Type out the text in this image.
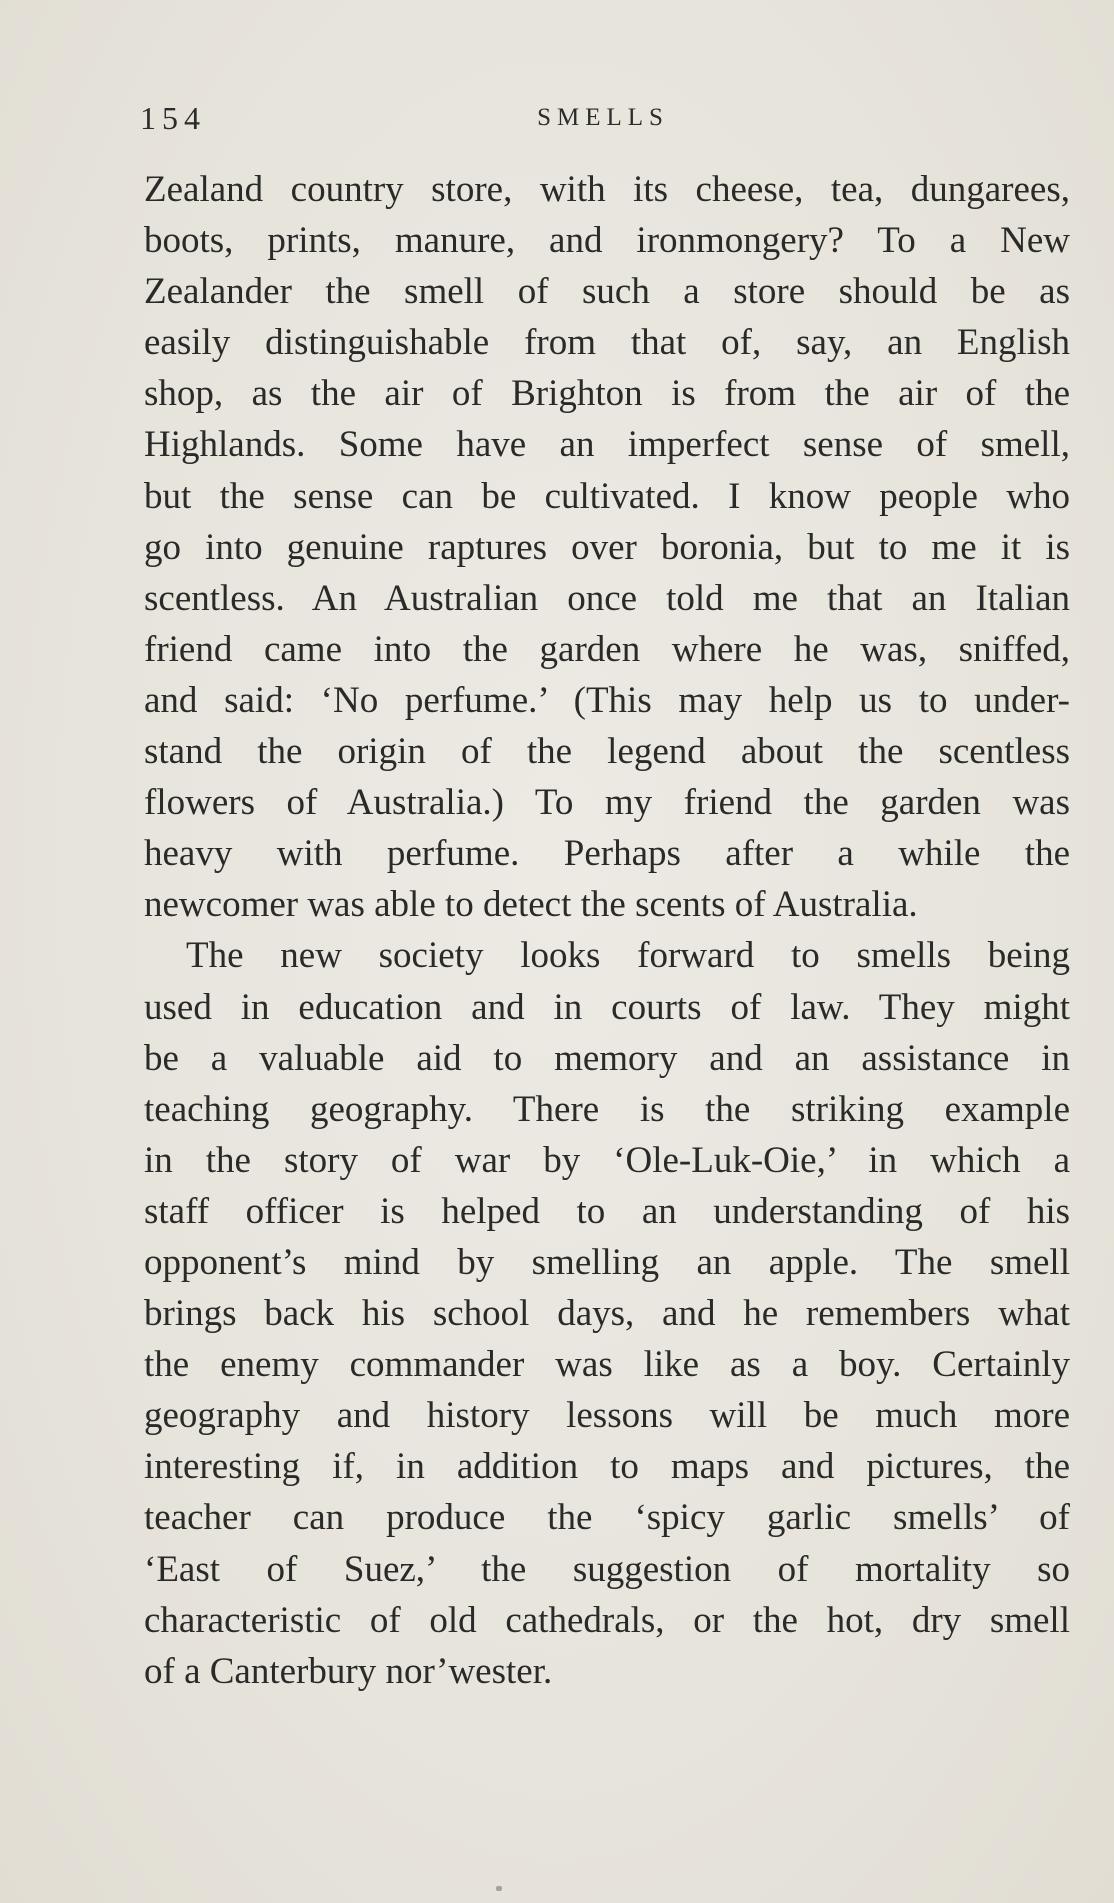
154	SMELLS
Zealand country store, with its cheese, tea, dungarees,
boots, prints, manure, and ironmongery? To a New
Zealander the smell of such a store should be as
easily distinguishable from that of, say, an English
shop, as the air of Brighton is from the air of the
Highlands. Some have an imperfect sense of smell,
but the sense can be cultivated. I know people who
go into genuine raptures over boronia, but to me it is
scentless. An Australian once told me that an Italian
friend came into the garden where he was, sniffed,
and said: ‘No perfume.’ (This may help us to under-
stand the origin of the legend about the scentless
flowers of Australia.) To my friend the garden was
heavy with perfume. Perhaps after a while the
newcomer was able to detect the scents of Australia.
The new society looks forward to smells being
used in education and in courts of law. They might
be a valuable aid to memory and an assistance in
teaching geography. There is the striking example
in the story of war by ‘Ole-Luk-Oie,’ in which a
staff officer is helped to an understanding of his
opponent’s mind by smelling an apple. The smell
brings back his school days, and he remembers what
the enemy commander was like as a boy. Certainly
geography and history lessons will be much more
interesting if, in addition to maps and pictures, the
teacher can produce the ‘spicy garlic smells’ of
‘East of Suez,’ the suggestion of mortality so
characteristic of old cathedrals, or the hot, dry smell
of a Canterbury nor’wester.
